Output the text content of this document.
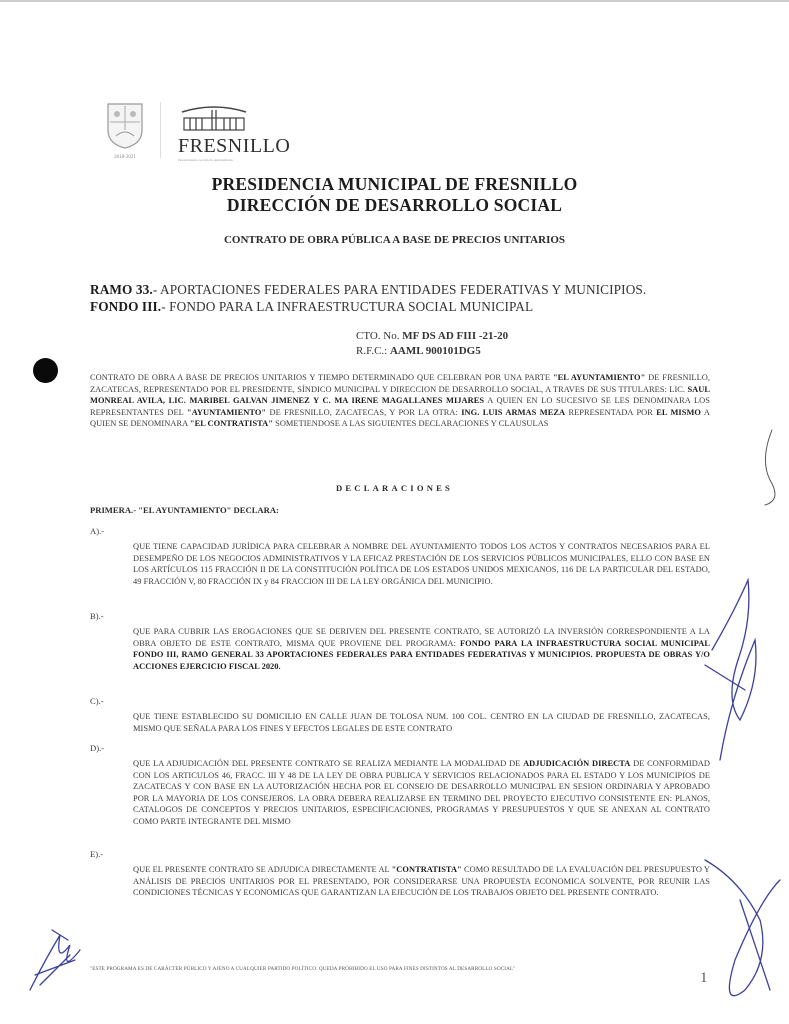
2018-2021
FRESNILLO
Departamento Acción de Ayuntamiento
PRESIDENCIA MUNICIPAL DE FRESNILLO
DIRECCIÓN DE DESARROLLO SOCIAL
CONTRATO DE OBRA PÚBLICA A BASE DE PRECIOS UNITARIOS
RAMO 33.- APORTACIONES FEDERALES PARA ENTIDADES FEDERATIVAS Y MUNICIPIOS.
FONDO III.- FONDO PARA LA INFRAESTRUCTURA SOCIAL MUNICIPAL
CTO. No. MF DS AD FIII -21-20
R.F.C.: AAML 900101DG5
CONTRATO DE OBRA A BASE DE PRECIOS UNITARIOS Y TIEMPO DETERMINADO QUE CELEBRAN POR UNA PARTE "EL AYUNTAMIENTO" DE FRESNILLO, ZACATECAS, REPRESENTADO POR EL PRESIDENTE, SÍNDICO MUNICIPAL Y DIRECCION DE DESARROLLO SOCIAL, A TRAVES DE SUS TITULARES: LIC. SAUL MONREAL AVILA, LIC. MARIBEL GALVAN JIMENEZ Y C. MA IRENE MAGALLANES MIJARES A QUIEN EN LO SUCESIVO SE LES DENOMINARA LOS REPRESENTANTES DEL "AYUNTAMIENTO" DE FRESNILLO, ZACATECAS, Y POR LA OTRA: ING. LUIS ARMAS MEZA REPRESENTADA POR EL MISMO A QUIEN SE DENOMINARA "EL CONTRATISTA" SOMETIENDOSE A LAS SIGUIENTES DECLARACIONES Y CLAUSULAS
DECLARACIONES
PRIMERA.- "EL AYUNTAMIENTO" DECLARA:
A).-
QUE TIENE CAPACIDAD JURÍDICA PARA CELEBRAR A NOMBRE DEL AYUNTAMIENTO TODOS LOS ACTOS Y CONTRATOS NECESARIOS PARA EL DESEMPEÑO DE LOS NEGOCIOS ADMINISTRATIVOS Y LA EFICAZ PRESTACIÓN DE LOS SERVICIOS PÚBLICOS MUNICIPALES, ELLO CON BASE EN LOS ARTÍCULOS 115 FRACCIÓN II DE LA CONSTITUCIÓN POLÍTICA DE LOS ESTADOS UNIDOS MEXICANOS, 116 DE LA PARTICULAR DEL ESTADO, 49 FRACCIÓN V, 80 FRACCIÓN IX y 84 FRACCION III DE LA LEY ORGÁNICA DEL MUNICIPIO.
B).-
QUE PARA CUBRIR LAS EROGACIONES QUE SE DERIVEN DEL PRESENTE CONTRATO, SE AUTORIZÓ LA INVERSIÓN CORRESPONDIENTE A LA OBRA OBJETO DE ESTE CONTRATO, MISMA QUE PROVIENE DEL PROGRAMA: FONDO PARA LA INFRAESTRUCTURA SOCIAL MUNICIPAL FONDO III, RAMO GENERAL 33 APORTACIONES FEDERALES PARA ENTIDADES FEDERATIVAS Y MUNICIPIOS. PROPUESTA DE OBRAS Y/O ACCIONES EJERCICIO FISCAL 2020.
C).-
QUE TIENE ESTABLECIDO SU DOMICILIO EN CALLE JUAN DE TOLOSA NUM. 100 COL. CENTRO EN LA CIUDAD DE FRESNILLO, ZACATECAS, MISMO QUE SEÑALA PARA LOS FINES Y EFECTOS LEGALES DE ESTE CONTRATO
D).-
QUE LA ADJUDICACIÓN DEL PRESENTE CONTRATO SE REALIZA MEDIANTE LA MODALIDAD DE ADJUDICACIÓN DIRECTA DE CONFORMIDAD CON LOS ARTICULOS 46, FRACC. III Y 48 DE LA LEY DE OBRA PUBLICA Y SERVICIOS RELACIONADOS PARA EL ESTADO Y LOS MUNICIPIOS DE ZACATECAS Y CON BASE EN LA AUTORIZACIÓN HECHA POR EL CONSEJO DE DESARROLLO MUNICIPAL EN SESION ORDINARIA Y APROBADO POR LA MAYORIA DE LOS CONSEJEROS. LA OBRA DEBERA REALIZARSE EN TERMINO DEL PROYECTO EJECUTIVO CONSISTENTE EN: PLANOS, CATALOGOS DE CONCEPTOS Y PRECIOS UNITARIOS, ESPECIFICACIONES, PROGRAMAS Y PRESUPUESTOS Y QUE SE ANEXAN AL CONTRATO COMO PARTE INTEGRANTE DEL MISMO
E).-
QUE EL PRESENTE CONTRATO SE ADJUDICA DIRECTAMENTE AL "CONTRATISTA" COMO RESULTADO DE LA EVALUACIÓN DEL PRESUPUESTO Y ANÁLISIS DE PRECIOS UNITARIOS POR EL PRESENTADO, POR CONSIDERARSE UNA PROPUESTA ECONOMICA SOLVENTE, POR REUNIR LAS CONDICIONES TÉCNICAS Y ECONOMICAS QUE GARANTIZAN LA EJECUCIÓN DE LOS TRABAJOS OBJETO DEL PRESENTE CONTRATO.
"ESTE PROGRAMA ES DE CARÁCTER PÚBLICO Y AJENO A CUALQUIER PARTIDO POLÍTICO. QUEDA PROHIBIDO EL USO PARA FINES DISTINTOS AL DESARROLLO SOCIAL"
1
